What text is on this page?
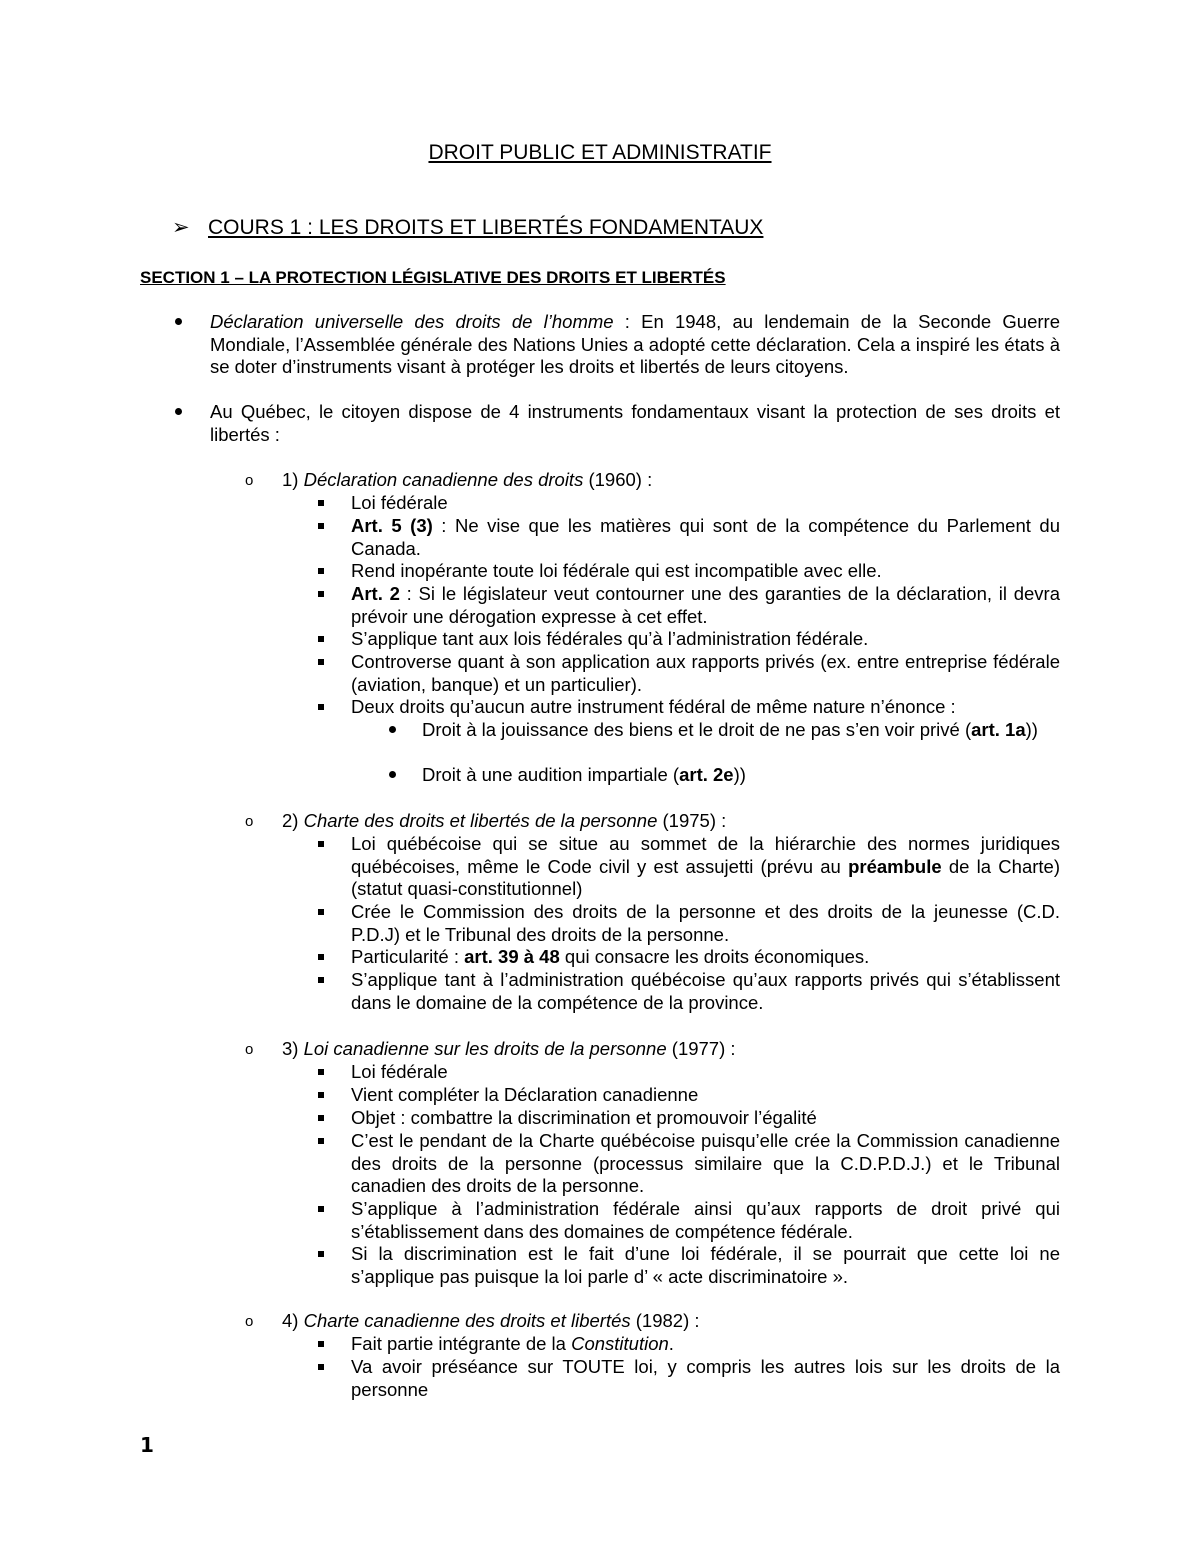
DROIT PUBLIC ET ADMINISTRATIF
➢ COURS 1 : LES DROITS ET LIBERTÉS FONDAMENTAUX
SECTION 1 – LA PROTECTION LÉGISLATIVE DES DROITS ET LIBERTÉS
Déclaration universelle des droits de l’homme : En 1948, au lendemain de la Seconde Guerre Mondiale, l’Assemblée générale des Nations Unies a adopté cette déclaration. Cela a inspiré les états à se doter d’instruments visant à protéger les droits et libertés de leurs citoyens.
Au Québec, le citoyen dispose de 4 instruments fondamentaux visant la protection de ses droits et libertés :
o 1) Déclaration canadienne des droits (1960) :
Loi fédérale
Art. 5 (3) : Ne vise que les matières qui sont de la compétence du Parlement du Canada.
Rend inopérante toute loi fédérale qui est incompatible avec elle.
Art. 2 : Si le législateur veut contourner une des garanties de la déclaration, il devra prévoir une dérogation expresse à cet effet.
S’applique tant aux lois fédérales qu’à l’administration fédérale.
Controverse quant à son application aux rapports privés (ex. entre entreprise fédérale (aviation, banque) et un particulier).
Deux droits qu’aucun autre instrument fédéral de même nature n’énonce :
Droit à la jouissance des biens et le droit de ne pas s’en voir privé (art. 1a))
Droit à une audition impartiale (art. 2e))
o 2) Charte des droits et libertés de la personne (1975) :
Loi québécoise qui se situe au sommet de la hiérarchie des normes juridiques québécoises, même le Code civil y est assujetti (prévu au préambule de la Charte) (statut quasi-constitutionnel)
Crée le Commission des droits de la personne et des droits de la jeunesse (C.D. P.D.J) et le Tribunal des droits de la personne.
Particularité : art. 39 à 48 qui consacre les droits économiques.
S’applique tant à l’administration québécoise qu’aux rapports privés qui s’établissent dans le domaine de la compétence de la province.
o 3) Loi canadienne sur les droits de la personne (1977) :
Loi fédérale
Vient compléter la Déclaration canadienne
Objet : combattre la discrimination et promouvoir l’égalité
C’est le pendant de la Charte québécoise puisqu’elle crée la Commission canadienne des droits de la personne (processus similaire que la C.D.P.D.J.) et le Tribunal canadien des droits de la personne.
S’applique à l’administration fédérale ainsi qu’aux rapports de droit privé qui s’établissement dans des domaines de compétence fédérale.
Si la discrimination est le fait d’une loi fédérale, il se pourrait que cette loi ne s’applique pas puisque la loi parle d’ « acte discriminatoire ».
o 4) Charte canadienne des droits et libertés (1982) :
Fait partie intégrante de la Constitution.
Va avoir préséance sur TOUTE loi, y compris les autres lois sur les droits de la personne
1
